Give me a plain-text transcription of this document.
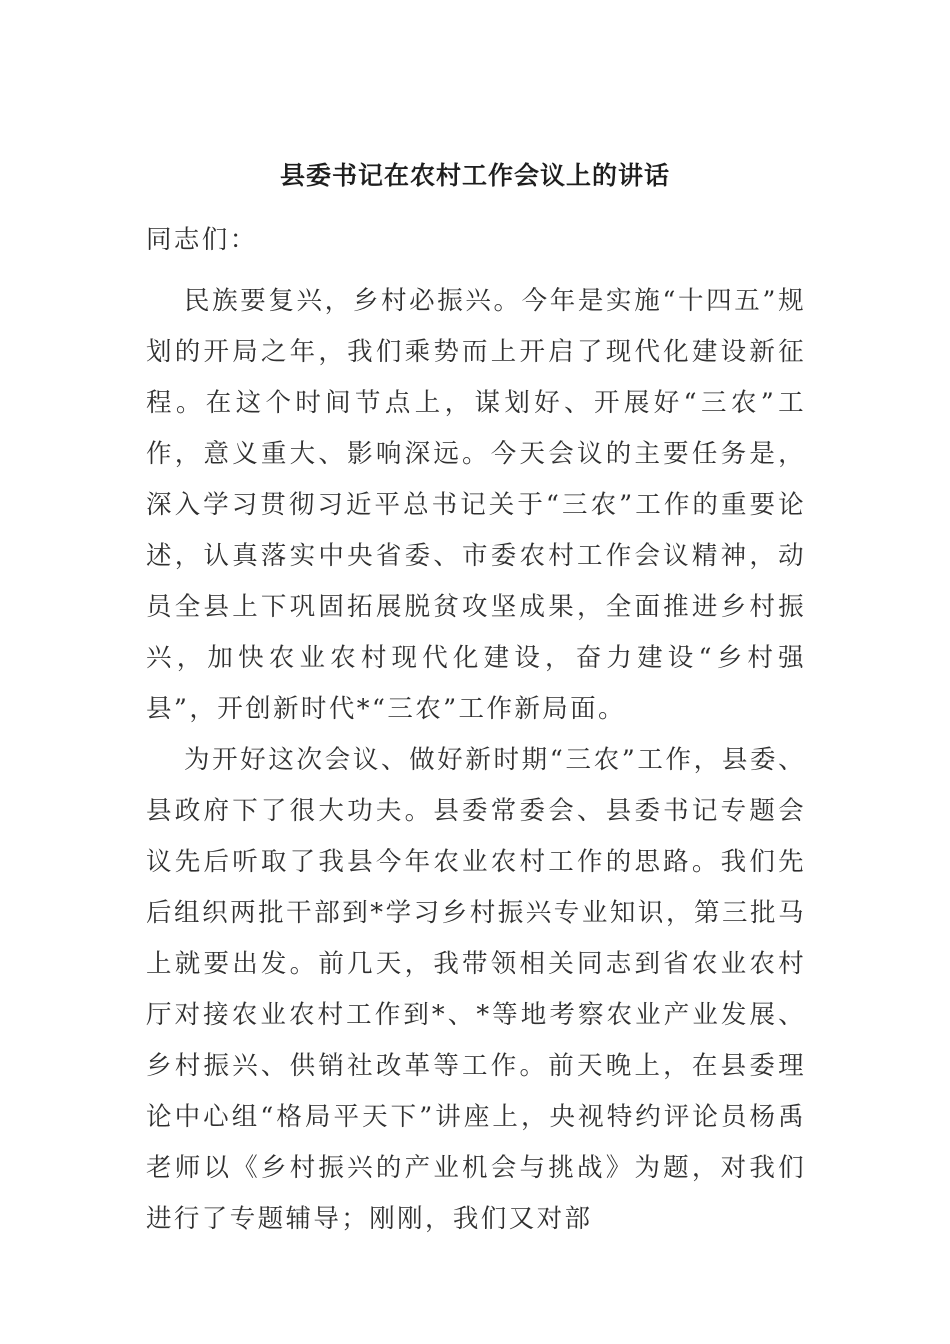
县委书记在农村工作会议上的讲话

同志们：

民族要复兴，乡村必振兴。今年是实施“十四五”规划的开局之年，我们乘势而上开启了现代化建设新征程。在这个时间节点上，谋划好、开展好“三农”工作，意义重大、影响深远。今天会议的主要任务是，深入学习贯彻习近平总书记关于“三农”工作的重要论述，认真落实中央省委、市委农村工作会议精神，动员全县上下巩固拓展脱贫攻坚成果，全面推进乡村振兴，加快农业农村现代化建设，奋力建设“乡村强县”，开创新时代*“三农”工作新局面。

为开好这次会议、做好新时期“三农”工作，县委、县政府下了很大功夫。县委常委会、县委书记专题会议先后听取了我县今年农业农村工作的思路。我们先后组织两批干部到*学习乡村振兴专业知识，第三批马上就要出发。前几天，我带领相关同志到省农业农村厅对接农业农村工作到*、*等地考察农业产业发展、乡村振兴、供销社改革等工作。前天晚上，在县委理论中心组“格局平天下”讲座上，央视特约评论员杨禹老师以《乡村振兴的产业机会与挑战》为题，对我们进行了专题辅导；刚刚，我们又对部
